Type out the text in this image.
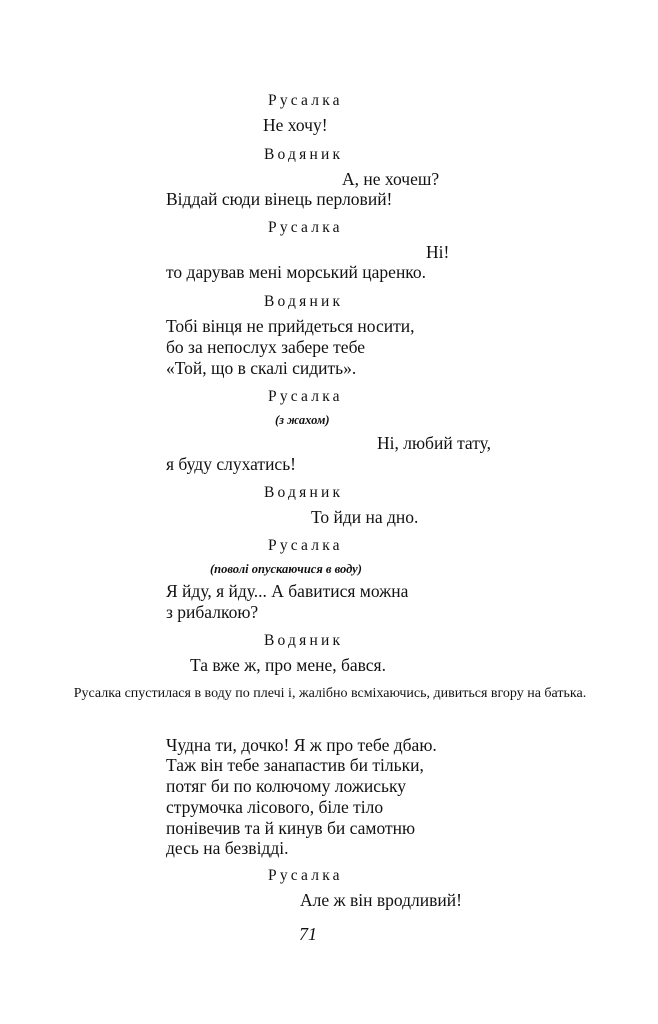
Русалка
Не хочу!
Водяник
А, не хочеш?
Віддай сюди вінець перловий!
Русалка
Ні!
то дарував мені морський царенко.
Водяник
Тобі вінця не прийдеться носити,
бо за непослух забере тебе
«Той, що в скалі сидить».
Русалка
(з жахом)
Ні, любий тату,
я буду слухатись!
Водяник
То йди на дно.
Русалка
(поволі опускаючися в воду)
Я йду, я йду... А бавитися можна
з рибалкою?
Водяник
Та вже ж, про мене, бався.
Русалка спустилася в воду по плечі і, жалібно всміхаючись, дивиться вгору на батька.
Чудна ти, дочко! Я ж про тебе дбаю.
Таж він тебе занапастив би тільки,
потяг би по колючому ложиську
струмочка лісового, біле тіло
понівечив та й кинув би самотню
десь на безвідді.
Русалка
Але ж він вродливий!
71
